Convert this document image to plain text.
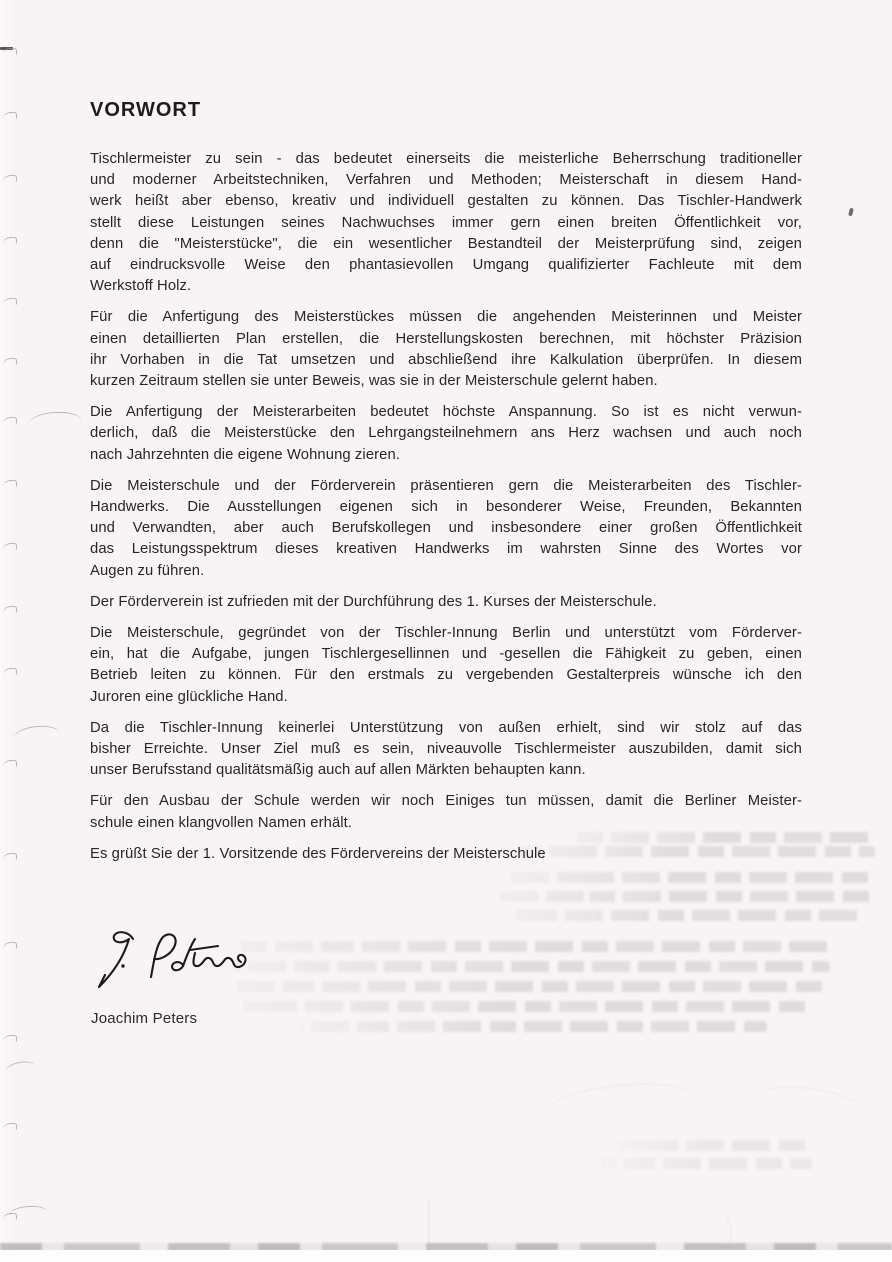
VORWORT
Tischlermeister zu sein - das bedeutet einerseits die meisterliche Beherrschung traditioneller
und moderner Arbeitstechniken, Verfahren und Methoden; Meisterschaft in diesem Hand-
werk heißt aber ebenso, kreativ und individuell gestalten zu können. Das Tischler-Handwerk
stellt diese Leistungen seines Nachwuchses immer gern einen breiten Öffentlichkeit vor,
denn die "Meisterstücke", die ein wesentlicher Bestandteil der Meisterprüfung sind, zeigen
auf eindrucksvolle Weise den phantasievollen Umgang qualifizierter Fachleute mit dem
Werkstoff Holz.
Für die Anfertigung des Meisterstückes müssen die angehenden Meisterinnen und Meister
einen detaillierten Plan erstellen, die Herstellungskosten berechnen, mit höchster Präzision
ihr Vorhaben in die Tat umsetzen und abschließend ihre Kalkulation überprüfen. In diesem
kurzen Zeitraum stellen sie unter Beweis, was sie in der Meisterschule gelernt haben.
Die Anfertigung der Meisterarbeiten bedeutet höchste Anspannung. So ist es nicht verwun-
derlich, daß die Meisterstücke den Lehrgangsteilnehmern ans Herz wachsen und auch noch
nach Jahrzehnten die eigene Wohnung zieren.
Die Meisterschule und der Förderverein präsentieren gern die Meisterarbeiten des Tischler-
Handwerks. Die Ausstellungen eigenen sich in besonderer Weise, Freunden, Bekannten
und Verwandten, aber auch Berufskollegen und insbesondere einer großen Öffentlichkeit
das Leistungsspektrum dieses kreativen Handwerks im wahrsten Sinne des Wortes vor
Augen zu führen.
Der Förderverein ist zufrieden mit der Durchführung des 1. Kurses der Meisterschule.
Die Meisterschule, gegründet von der Tischler-Innung Berlin und unterstützt vom Förderver-
ein, hat die Aufgabe, jungen Tischlergesellinnen und -gesellen die Fähigkeit zu geben, einen
Betrieb leiten zu können. Für den erstmals zu vergebenden Gestalterpreis wünsche ich den
Juroren eine glückliche Hand.
Da die Tischler-Innung keinerlei Unterstützung von außen erhielt, sind wir stolz auf das
bisher Erreichte. Unser Ziel muß es sein, niveauvolle Tischlermeister auszubilden, damit sich
unser Berufsstand qualitätsmäßig auch auf allen Märkten behaupten kann.
Für den Ausbau der Schule werden wir noch Einiges tun müssen, damit die Berliner Meister-
schule einen klangvollen Namen erhält.
Es grüßt Sie der 1. Vorsitzende des Fördervereins der Meisterschule
Joachim Peters
